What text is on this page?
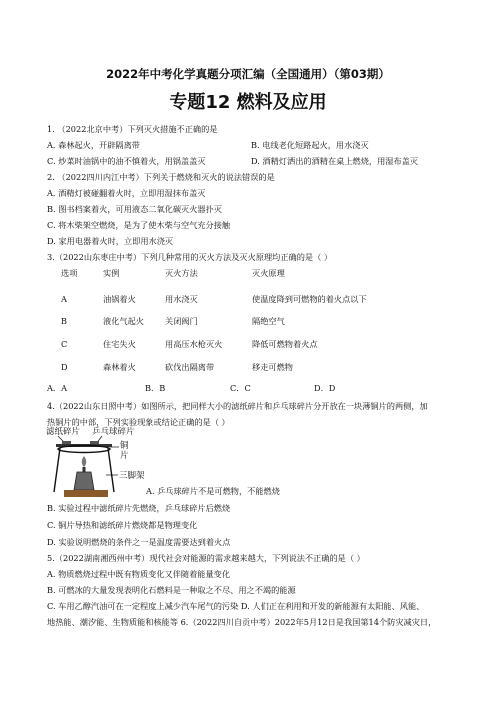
2022年中考化学真题分项汇编（全国通用）（第03期）
专题12 燃料及应用
1. （2022北京中考）下列灭火措施不正确的是
A. 森林起火，开辟隔离带	B. 电线老化短路起火，用水浇灭
C. 炒菜时油锅中的油不慎着火，用锅盖盖灭	D. 酒精灯洒出的酒精在桌上燃烧，用湿布盖灭
2. （2022四川内江中考）下列关于燃烧和灭火的说法错误的是
A. 酒精灯被碰翻着火时，立即用湿抹布盖灭
B. 图书档案着火，可用液态二氧化碳灭火器扑灭
C. 将木柴架空燃烧，是为了使木柴与空气充分接触
D. 家用电器着火时，立即用水浇灭
3.（2022山东枣庄中考）下列几种常用的灭火方法及灭火原理均正确的是（ ）
选项	实例	灭火方法	灭火原理
A	油锅着火	用水浇灭	使温度降到可燃物的着火点以下
B	液化气起火	关闭阀门	隔绝空气
C	住宅失火	用高压水枪灭火	降低可燃物着火点
D	森林着火	砍伐出隔离带	移走可燃物
A．A	B．B	C．C	D．D
4.（2022山东日照中考）如图所示，把同样大小的滤纸碎片和乒乓球碎片分开放在一块薄铜片的两侧，加
热铜片的中部，下列实验现象或结论正确的是（ ）
滤纸碎片 乒乓球碎片
铜
片
三脚架
A. 乒乓球碎片不是可燃物，不能燃烧
B. 实验过程中滤纸碎片先燃烧，乒乓球碎片后燃烧
C. 铜片导热和滤纸碎片燃烧都是物理变化
D. 实验说明燃烧的条件之一是温度需要达到着火点
5.（2022湖南湘西州中考）现代社会对能源的需求越来越大，下列说法不正确的是（ ）
A. 物质燃烧过程中既有物质变化又伴随着能量变化
B. 可燃冰的大量发现表明化石燃料是一种取之不尽、用之不竭的能源
C. 车用乙醇汽油可在一定程度上减少汽车尾气的污染 D. 人们正在利用和开发的新能源有太阳能、风能、
地热能、潮汐能、生物质能和核能等 6.（2022四川自贡中考）2022年5月12日是我国第14个防灾减灾日，
